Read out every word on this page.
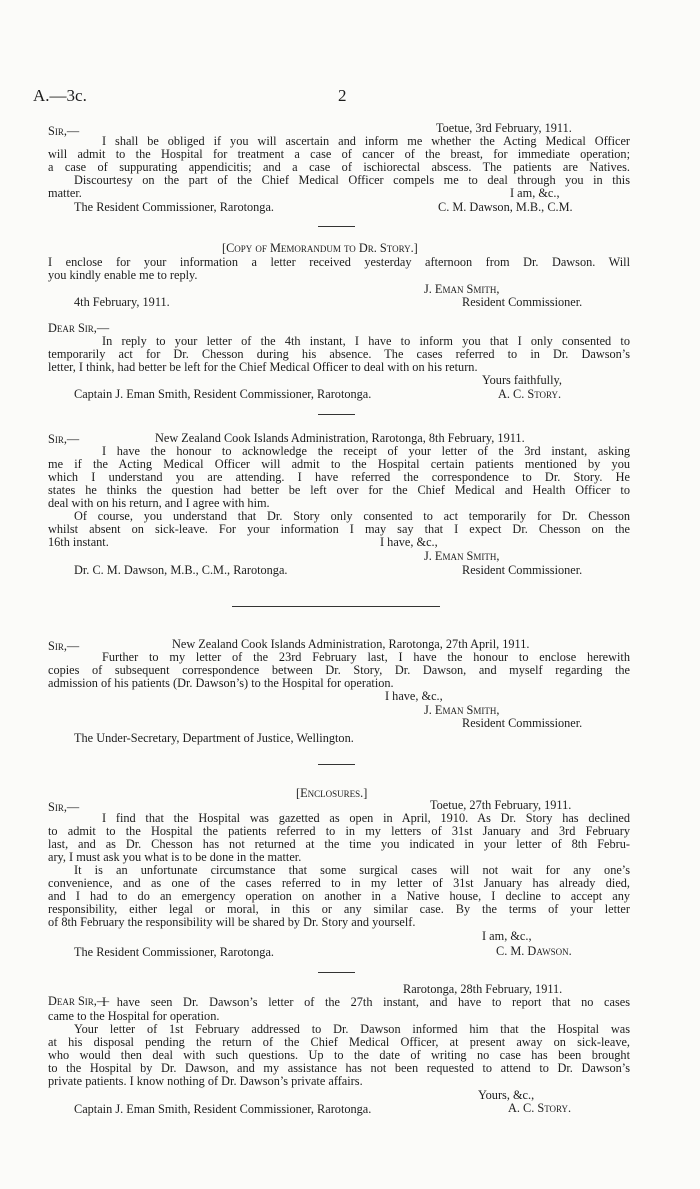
A.—3c.	2
Sir,—	Toetue, 3rd February, 1911.
I shall be obliged if you will ascertain and inform me whether the Acting Medical Officer
will admit to the Hospital for treatment a case of cancer of the breast, for immediate operation;
a case of suppurating appendicitis; and a case of ischiorectal abscess. The patients are Natives.
Discourtesy on the part of the Chief Medical Officer compels me to deal through you in this
matter.	I am, &c.,
The Resident Commissioner, Rarotonga.	C. M. Dawson, M.B., C.M.
[Copy of Memorandum to Dr. Story.]
I enclose for your information a letter received yesterday afternoon from Dr. Dawson. Will
you kindly enable me to reply.
J. Eman Smith,
4th February, 1911.	Resident Commissioner.
Dear Sir,—
In reply to your letter of the 4th instant, I have to inform you that I only consented to
temporarily act for Dr. Chesson during his absence. The cases referred to in Dr. Dawson’s
letter, I think, had better be left for the Chief Medical Officer to deal with on his return.
Yours faithfully,
Captain J. Eman Smith, Resident Commissioner, Rarotonga.	A. C. Story.
Sir,—	New Zealand Cook Islands Administration, Rarotonga, 8th February, 1911.
I have the honour to acknowledge the receipt of your letter of the 3rd instant, asking
me if the Acting Medical Officer will admit to the Hospital certain patients mentioned by you
which I understand you are attending. I have referred the correspondence to Dr. Story. He
states he thinks the question had better be left over for the Chief Medical and Health Officer to
deal with on his return, and I agree with him.
Of course, you understand that Dr. Story only consented to act temporarily for Dr. Chesson
whilst absent on sick-leave. For your information I may say that I expect Dr. Chesson on the
16th instant.	I have, &c.,
J. Eman Smith,
Dr. C. M. Dawson, M.B., C.M., Rarotonga.	Resident Commissioner.
Sir,—	New Zealand Cook Islands Administration, Rarotonga, 27th April, 1911.
Further to my letter of the 23rd February last, I have the honour to enclose herewith
copies of subsequent correspondence between Dr. Story, Dr. Dawson, and myself regarding the
admission of his patients (Dr. Dawson’s) to the Hospital for operation.
I have, &c.,
J. Eman Smith,
Resident Commissioner.
The Under-Secretary, Department of Justice, Wellington.
[Enclosures.]
Sir,—	Toetue, 27th February, 1911.
I find that the Hospital was gazetted as open in April, 1910. As Dr. Story has declined
to admit to the Hospital the patients referred to in my letters of 31st January and 3rd February
last, and as Dr. Chesson has not returned at the time you indicated in your letter of 8th Febru-
ary, I must ask you what is to be done in the matter.
It is an unfortunate circumstance that some surgical cases will not wait for any one’s
convenience, and as one of the cases referred to in my letter of 31st January has already died,
and I had to do an emergency operation on another in a Native house, I decline to accept any
responsibility, either legal or moral, in this or any similar case. By the terms of your letter
of 8th February the responsibility will be shared by Dr. Story and yourself.
I am, &c.,
The Resident Commissioner, Rarotonga.	C. M. Dawson.
Dear Sir,—
Rarotonga, 28th February, 1911.
I have seen Dr. Dawson’s letter of the 27th instant, and have to report that no cases
came to the Hospital for operation.
Your letter of 1st February addressed to Dr. Dawson informed him that the Hospital was
at his disposal pending the return of the Chief Medical Officer, at present away on sick-leave,
who would then deal with such questions. Up to the date of writing no case has been brought
to the Hospital by Dr. Dawson, and my assistance has not been requested to attend to Dr. Dawson’s
private patients. I know nothing of Dr. Dawson’s private affairs.
Yours, &c.,
Captain J. Eman Smith, Resident Commissioner, Rarotonga.	A. C. Story.
